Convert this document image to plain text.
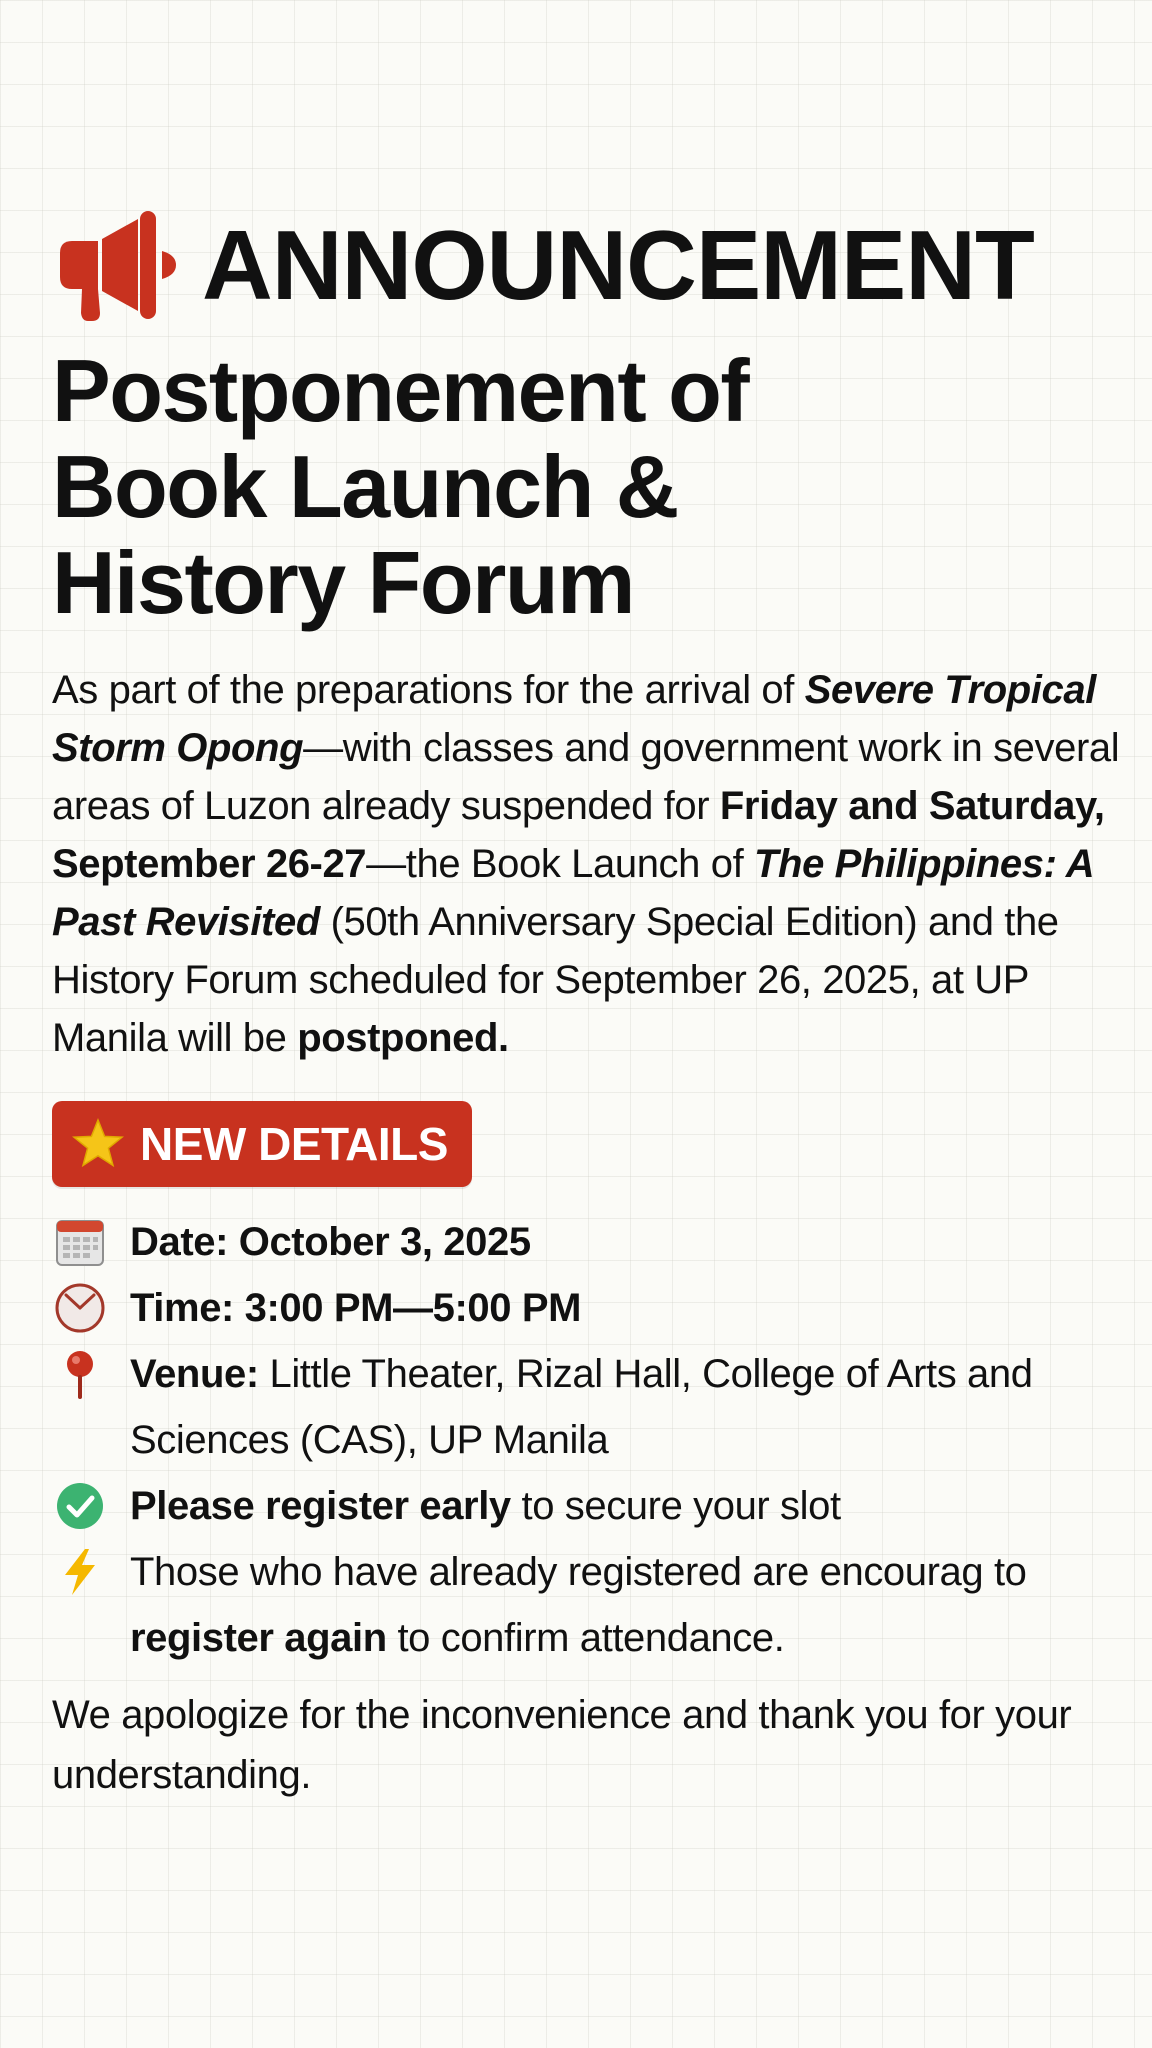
ANNOUNCEMENT
Postponement of
Book Launch &
History Forum
As part of the preparations for the arrival of Severe Tropical Storm Opong—with classes and government work in several areas of Luzon already suspended for Friday and Saturday, September 26-27—the Book Launch of The Philippines: A Past Revisited (50th Anniversary Special Edition) and the History Forum scheduled for September 26, 2025, at UP Manila will be postponed.
NEW DETAILS
Date: October 3, 2025
Time: 3:00 PM—5:00 PM
Venue: Little Theater, Rizal Hall, College of Arts and Sciences (CAS), UP Manila
Please register early to secure your slot
Those who have already registered are encourag to register again to confirm attendance.
We apologize for the inconvenience and thank you for your understanding.
